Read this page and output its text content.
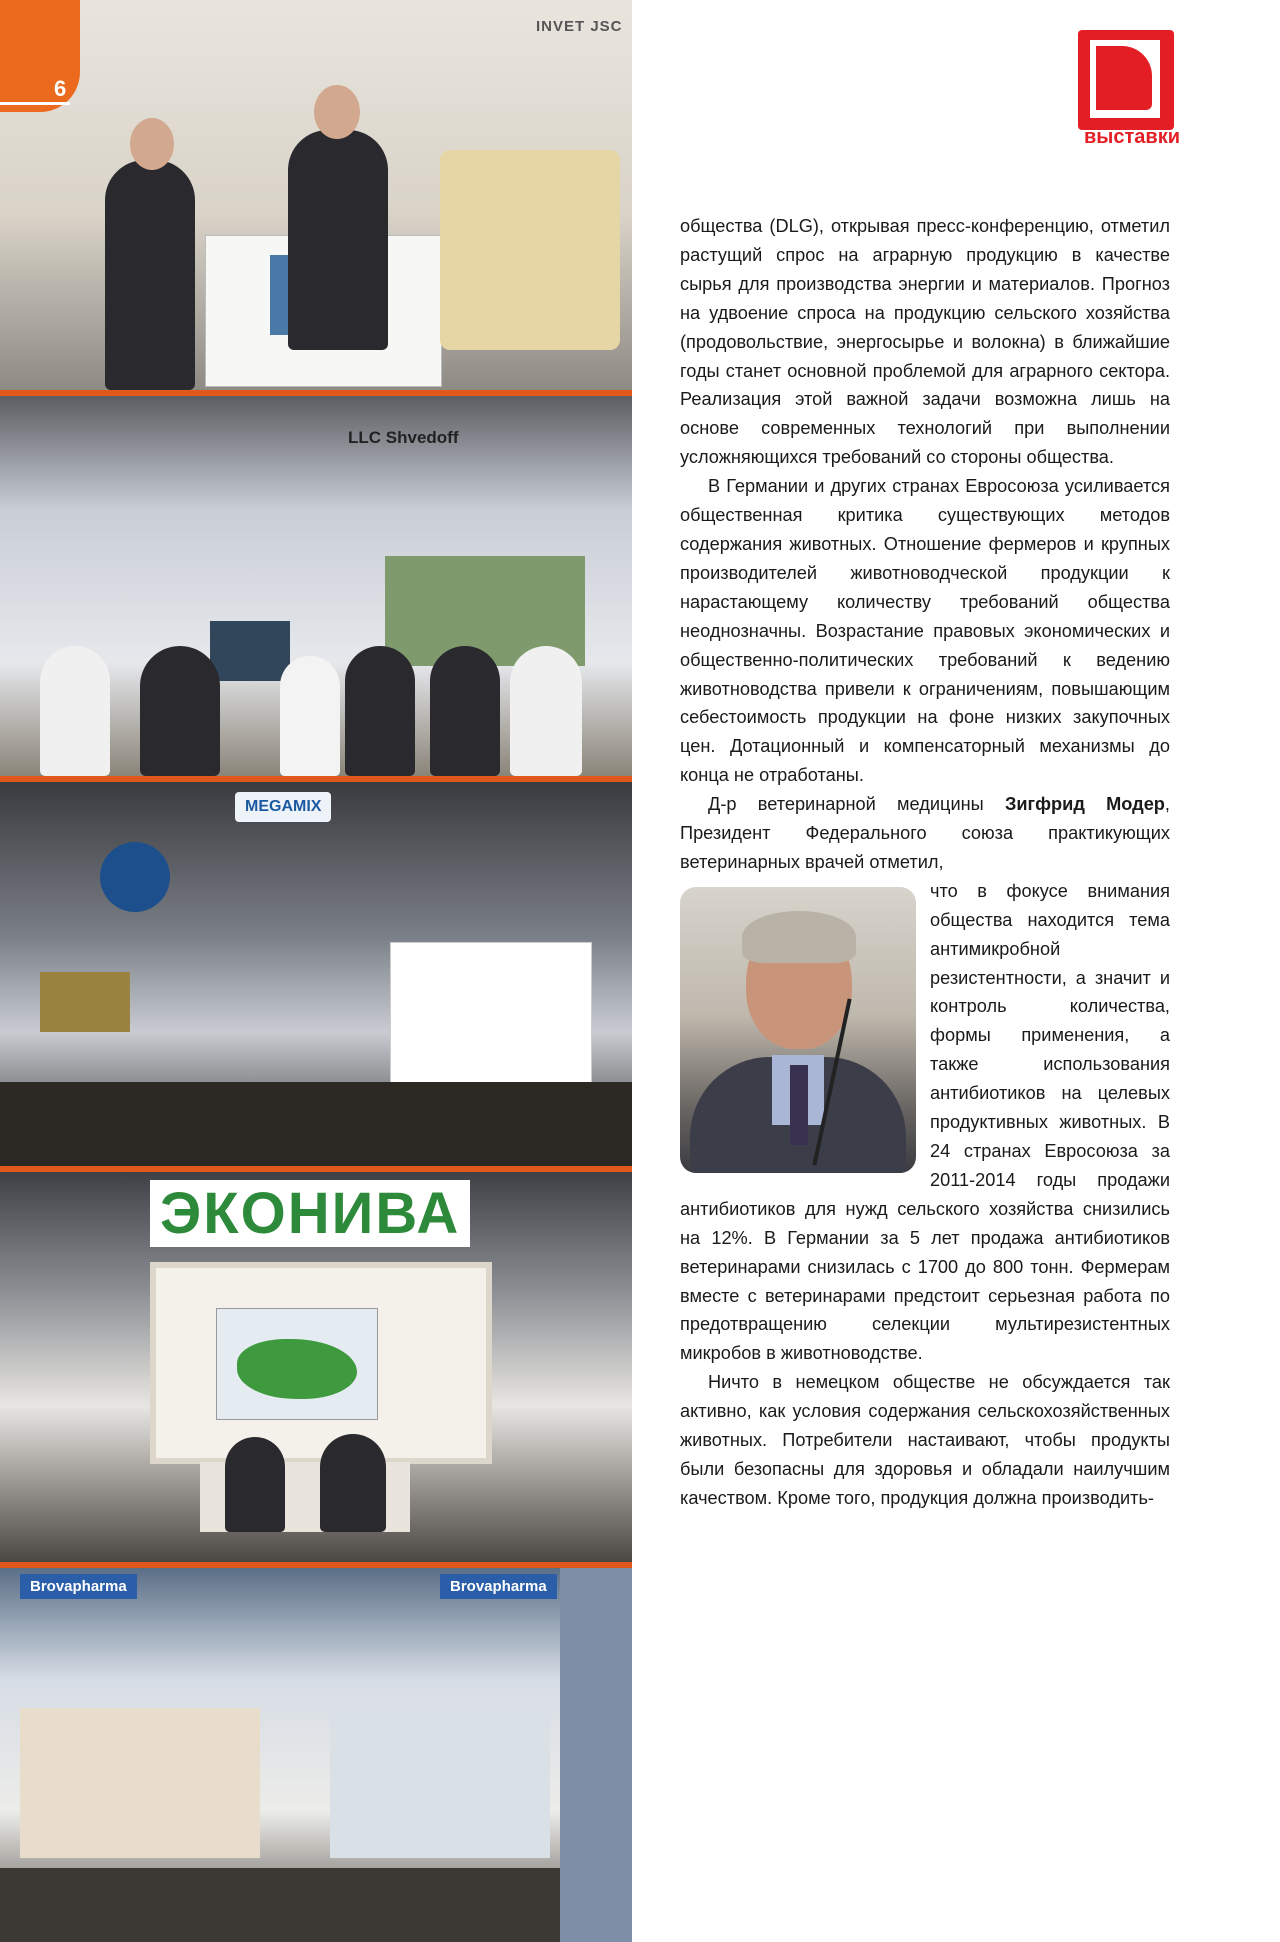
INVET JSC
LLC Shvedoff
MEGAMIX
ЭКОНИВА
Brovapharma	Brovapharma
6
выставки

общества (DLG), открывая пресс-конференцию, отметил растущий спрос на аграрную продукцию в качестве сырья для производства энергии и материалов. Прогноз на удвоение спроса на продукцию сельского хозяйства (продовольствие, энергосырье и волокна) в ближайшие годы станет основной проблемой для аграрного сектора. Реализация этой важной задачи возможна лишь на основе современных технологий при выполнении усложняющихся требований со стороны общества.

В Германии и других странах Евросоюза усиливается общественная критика существующих методов содержания животных. Отношение фермеров и крупных производителей животноводческой продукции к нарастающему количеству требований общества неоднозначны. Возрастание правовых экономических и общественно-политических требований к ведению животноводства привели к ограничениям, повышающим себестоимость продукции на фоне низких закупочных цен. Дотационный и компенсаторный механизмы до конца не отработаны.

Д-р ветеринарной медицины Зигфрид Модер, Президент Федерального союза практикующих ветеринарных врачей отметил,

что в фокусе внимания общества находится тема антимикробной резистентности, а значит и контроль количества, формы применения, а также использования антибиотиков на целевых продуктивных животных. В 24 странах Евросоюза за 2011-2014 годы продажи антибиотиков для нужд сельского хозяйства снизились на 12%. В Германии за 5 лет продажа антибиотиков ветеринарами снизилась с 1700 до 800 тонн. Фермерам вместе с ветеринарами предстоит серьезная работа по предотвращению селекции мультирезистентных микробов в животноводстве.

Ничто в немецком обществе не обсуждается так активно, как условия содержания сельскохозяйственных животных. Потребители настаивают, чтобы продукты были безопасны для здоровья и обладали наилучшим качеством. Кроме того, продукция должна производить-
